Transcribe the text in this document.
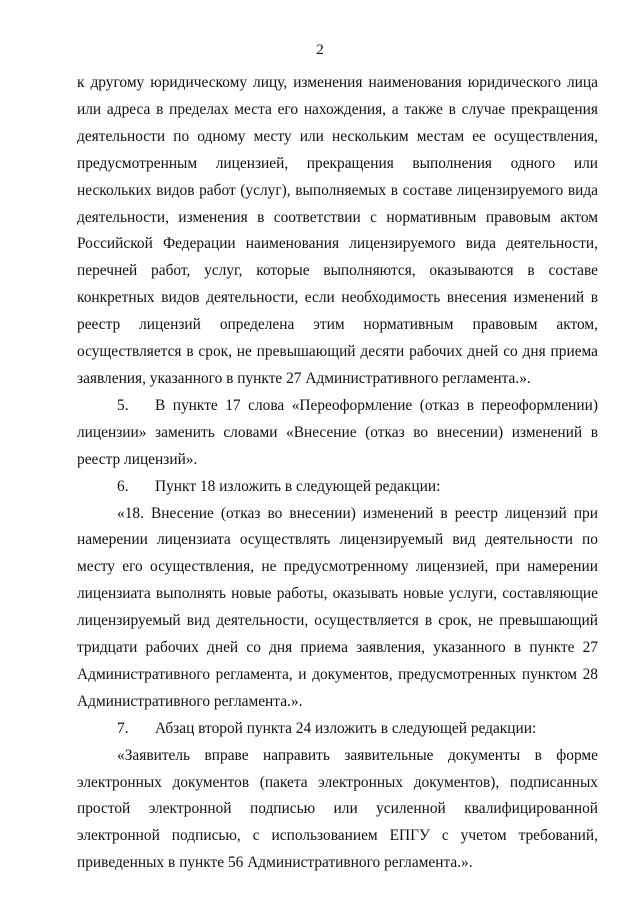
2

к другому юридическому лицу, изменения наименования юридического лица или адреса в пределах места его нахождения, а также в случае прекращения деятельности по одному месту или нескольким местам ее осуществления, предусмотренным лицензией, прекращения выполнения одного или нескольких видов работ (услуг), выполняемых в составе лицензируемого вида деятельности, изменения в соответствии с нормативным правовым актом Российской Федерации наименования лицензируемого вида деятельности, перечней работ, услуг, которые выполняются, оказываются в составе конкретных видов деятельности, если необходимость внесения изменений в реестр лицензий определена этим нормативным правовым актом, осуществляется в срок, не превышающий десяти рабочих дней со дня приема заявления, указанного в пункте 27 Административного регламента.».

5. В пункте 17 слова «Переоформление (отказ в переоформлении) лицензии» заменить словами «Внесение (отказ во внесении) изменений в реестр лицензий».

6. Пункт 18 изложить в следующей редакции:

«18. Внесение (отказ во внесении) изменений в реестр лицензий при намерении лицензиата осуществлять лицензируемый вид деятельности по месту его осуществления, не предусмотренному лицензией, при намерении лицензиата выполнять новые работы, оказывать новые услуги, составляющие лицензируемый вид деятельности, осуществляется в срок, не превышающий тридцати рабочих дней со дня приема заявления, указанного в пункте 27 Административного регламента, и документов, предусмотренных пунктом 28 Административного регламента.».

7. Абзац второй пункта 24 изложить в следующей редакции:

«Заявитель вправе направить заявительные документы в форме электронных документов (пакета электронных документов), подписанных простой электронной подписью или усиленной квалифицированной электронной подписью, с использованием ЕПГУ с учетом требований, приведенных в пункте 56 Административного регламента.».
